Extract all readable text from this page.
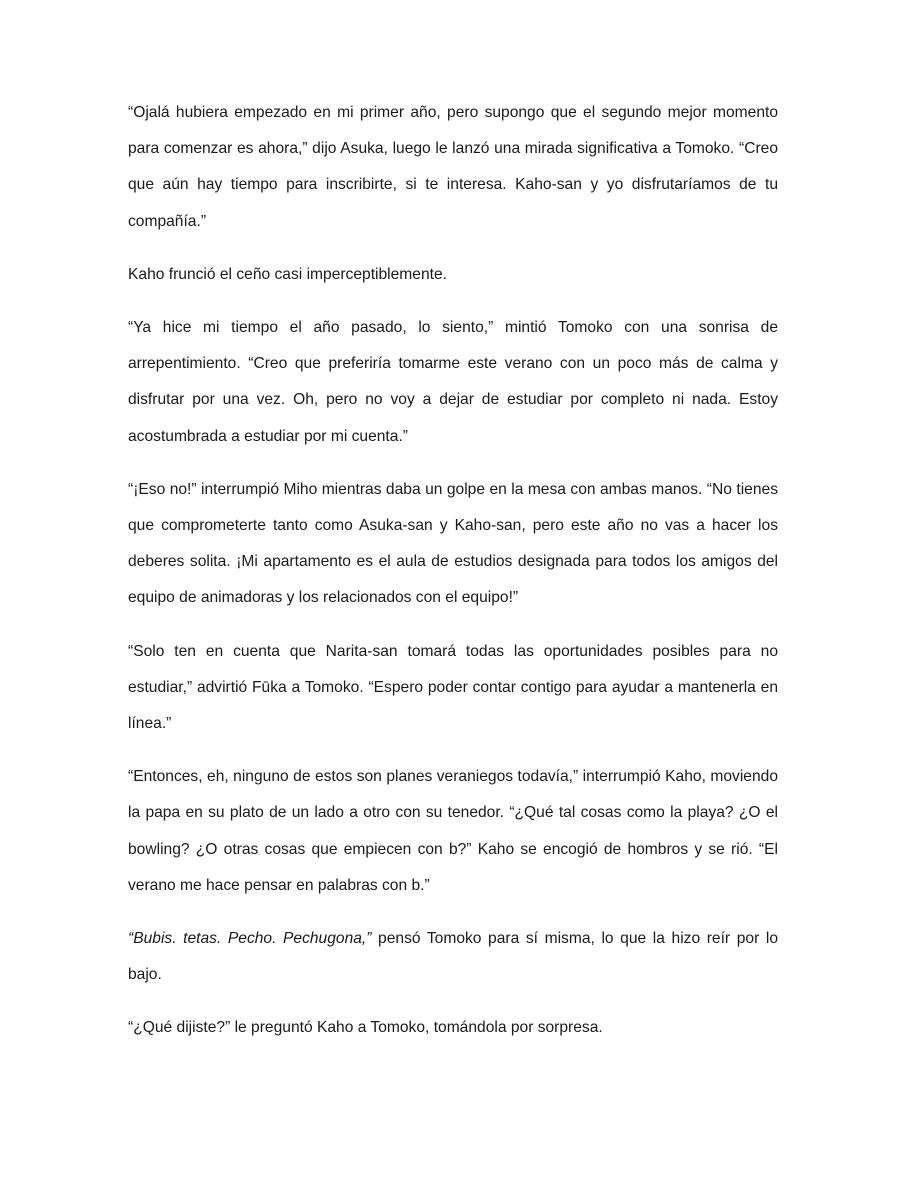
“Ojalá hubiera empezado en mi primer año, pero supongo que el segundo mejor momento para comenzar es ahora,” dijo Asuka, luego le lanzó una mirada significativa a Tomoko. “Creo que aún hay tiempo para inscribirte, si te interesa. Kaho-san y yo disfrutaríamos de tu compañía.”

Kaho frunció el ceño casi imperceptiblemente.

“Ya hice mi tiempo el año pasado, lo siento,” mintió Tomoko con una sonrisa de arrepentimiento. “Creo que preferiría tomarme este verano con un poco más de calma y disfrutar por una vez. Oh, pero no voy a dejar de estudiar por completo ni nada. Estoy acostumbrada a estudiar por mi cuenta.”

“¡Eso no!” interrumpió Miho mientras daba un golpe en la mesa con ambas manos. “No tienes que comprometerte tanto como Asuka-san y Kaho-san, pero este año no vas a hacer los deberes solita. ¡Mi apartamento es el aula de estudios designada para todos los amigos del equipo de animadoras y los relacionados con el equipo!”

“Solo ten en cuenta que Narita-san tomará todas las oportunidades posibles para no estudiar,” advirtió Fūka a Tomoko. “Espero poder contar contigo para ayudar a mantenerla en línea.”

“Entonces, eh, ninguno de estos son planes veraniegos todavía,” interrumpió Kaho, moviendo la papa en su plato de un lado a otro con su tenedor. “¿Qué tal cosas como la playa? ¿O el bowling? ¿O otras cosas que empiecen con b?” Kaho se encogió de hombros y se rió. “El verano me hace pensar en palabras con b.”

“Bubis. tetas. Pecho. Pechugona,” pensó Tomoko para sí misma, lo que la hizo reír por lo bajo.

“¿Qué dijiste?” le preguntó Kaho a Tomoko, tomándola por sorpresa.
